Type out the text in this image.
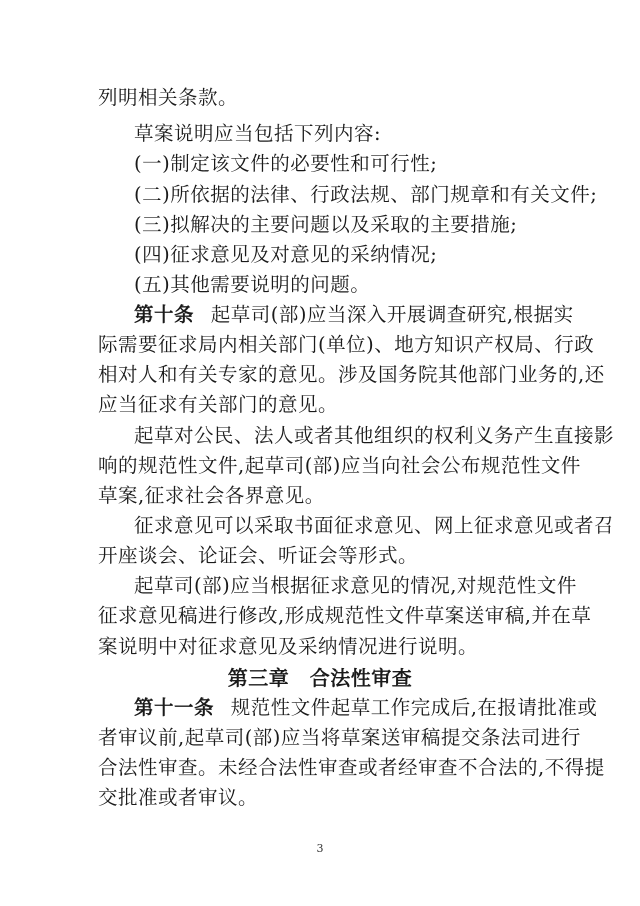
列明相关条款。
草案说明应当包括下列内容:
(一)制定该文件的必要性和可行性;
(二)所依据的法律、行政法规、部门规章和有关文件;
(三)拟解决的主要问题以及采取的主要措施;
(四)征求意见及对意见的采纳情况;
(五)其他需要说明的问题。
第十条 起草司(部)应当深入开展调查研究,根据实
际需要征求局内相关部门(单位)、地方知识产权局、行政
相对人和有关专家的意见。涉及国务院其他部门业务的,还
应当征求有关部门的意见。
起草对公民、法人或者其他组织的权利义务产生直接影
响的规范性文件,起草司(部)应当向社会公布规范性文件
草案,征求社会各界意见。
征求意见可以采取书面征求意见、网上征求意见或者召
开座谈会、论证会、听证会等形式。
起草司(部)应当根据征求意见的情况,对规范性文件
征求意见稿进行修改,形成规范性文件草案送审稿,并在草
案说明中对征求意见及采纳情况进行说明。
第三章　合法性审查
第十一条 规范性文件起草工作完成后,在报请批准或
者审议前,起草司(部)应当将草案送审稿提交条法司进行
合法性审查。未经合法性审查或者经审查不合法的,不得提
交批准或者审议。
3
